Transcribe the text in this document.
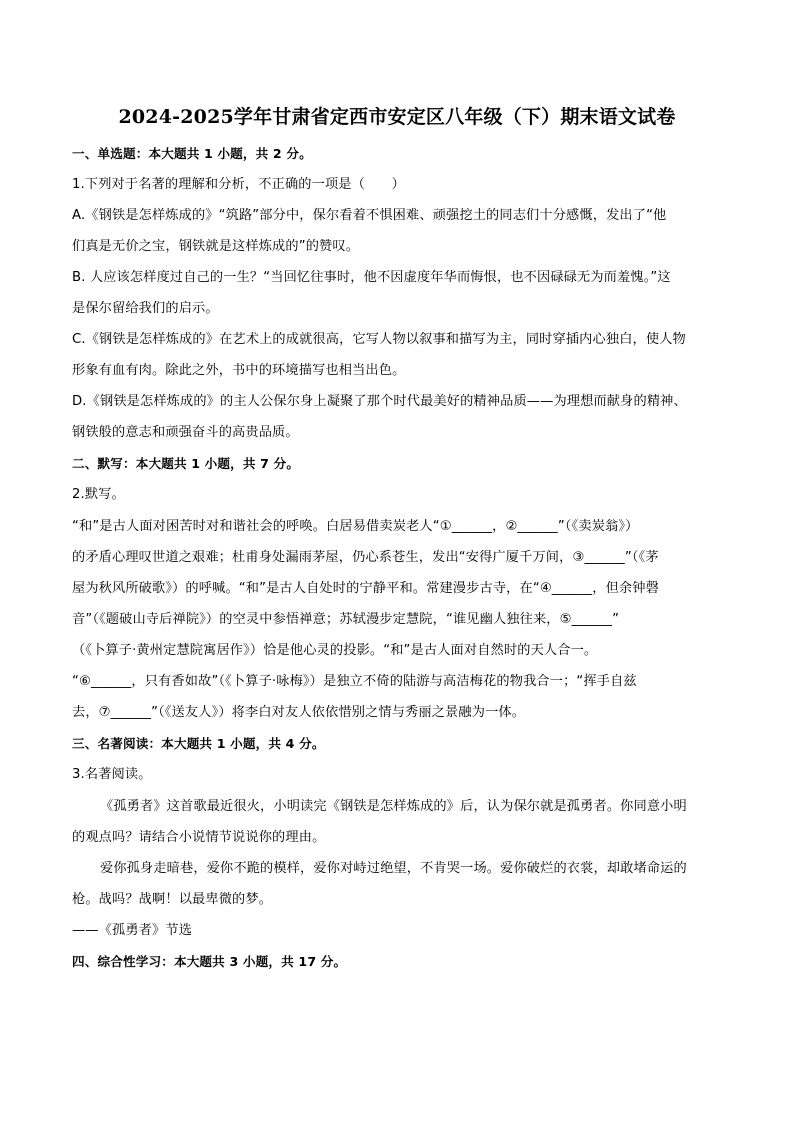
2024-2025学年甘肃省定西市安定区八年级（下）期末语文试卷
一、单选题：本大题共 1 小题，共 2 分。
1.下列对于名著的理解和分析，不正确的一项是（　　）
A.《钢铁是怎样炼成的》“筑路”部分中，保尔看着不惧困难、顽强挖土的同志们十分感慨，发出了“他
们真是无价之宝，钢铁就是这样炼成的”的赞叹。
B. 人应该怎样度过自己的一生？“当回忆往事时，他不因虚度年华而悔恨，也不因碌碌无为而羞愧。”这
是保尔留给我们的启示。
C.《钢铁是怎样炼成的》在艺术上的成就很高，它写人物以叙事和描写为主，同时穿插内心独白，使人物
形象有血有肉。除此之外，书中的环境描写也相当出色。
D.《钢铁是怎样炼成的》的主人公保尔身上凝聚了那个时代最美好的精神品质——为理想而献身的精神、
钢铁般的意志和顽强奋斗的高贵品质。
二、默写：本大题共 1 小题，共 7 分。
2.默写。
“和”是古人面对困苦时对和谐社会的呼唤。白居易借卖炭老人“①______，②______”（《卖炭翁》）
的矛盾心理叹世道之艰难；杜甫身处漏雨茅屋，仍心系苍生，发出“安得广厦千万间，③______”（《茅
屋为秋风所破歌》）的呼喊。“和”是古人自处时的宁静平和。常建漫步古寺，在“④______，但余钟磬
音”（《题破山寺后禅院》）的空灵中参悟禅意；苏轼漫步定慧院，“谁见幽人独往来，⑤______”
（《卜算子·黄州定慧院寓居作》）恰是他心灵的投影。“和”是古人面对自然时的天人合一。
“⑥______，只有香如故”（《卜算子·咏梅》）是独立不倚的陆游与高洁梅花的物我合一；“挥手自兹
去，⑦______”（《送友人》）将李白对友人依依惜别之情与秀丽之景融为一体。
三、名著阅读：本大题共 1 小题，共 4 分。
3.名著阅读。
《孤勇者》这首歌最近很火，小明读完《钢铁是怎样炼成的》后，认为保尔就是孤勇者。你同意小明
的观点吗？请结合小说情节说说你的理由。
爱你孤身走暗巷，爱你不跪的模样，爱你对峙过绝望，不肯哭一场。爱你破烂的衣裳，却敢堵命运的
枪。战吗？战啊！以最卑微的梦。
——《孤勇者》节选
四、综合性学习：本大题共 3 小题，共 17 分。
